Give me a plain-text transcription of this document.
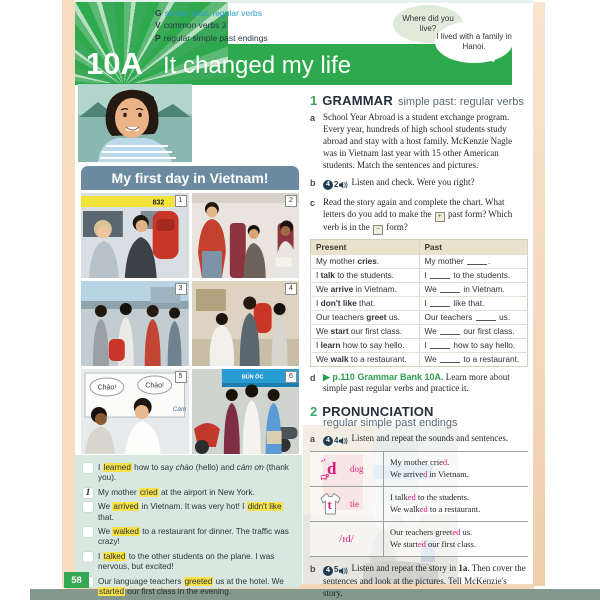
10A It changed my life
G simple past: regular verbs
V common verbs 3
P regular simple past endings
Where did you live?
I lived with a family in Hanoi.
My first day in Vietnam!
832	1	2
3	4
Chào!	Chào!
Cám
5	BÚN ỐC	6
I learned how to say chào (hello) and cám ơn (thank you).
1 My mother cried at the airport in New York.
We arrived in Vietnam. It was very hot! I didn't like that.
We walked to a restaurant for dinner. The traffic was crazy!
I talked to the other students on the plane. I was nervous, but excited!
Our language teachers greeted us at the hotel. We started our first class in the evening.
1 GRAMMAR simple past: regular verbs
a School Year Abroad is a student exchange program. Every year, hundreds of high school students study abroad and stay with a host family. McKenzie Nagle was in Vietnam last year with 15 other American students. Match the sentences and pictures.
b	4 2 Listen and check. Were you right?
c Read the story again and complete the chart. What letters do you add to make the + past form? Which verb is in the − form?
Present	Past
My mother cries.	My mother .
I talk to the students.	I to the students.
We arrive in Vietnam.	We in Vietnam.
I don't like that.	I like that.
Our teachers greet us.	Our teachers us.
We start our first class.	We our first class.
I learn how to say hello.	I how to say hello.
We walk to a restaurant.	We to a restaurant.
d ▶ p.110 Grammar Bank 10A. Learn more about simple past regular verbs and practice it.
2 PRONUNCIATION
regular simple past endings
a	4 4 Listen and repeat the sounds and sentences.
d dog
My mother cried.
We arrived in Vietnam.
t tie
I talked to the students.
We walked to a restaurant.
/ɪd/
Our teachers greeted us.
We started our first class.
b	4 5 Listen and repeat the story in 1a. Then cover the sentences and look at the pictures. Tell McKenzie's story.
58
